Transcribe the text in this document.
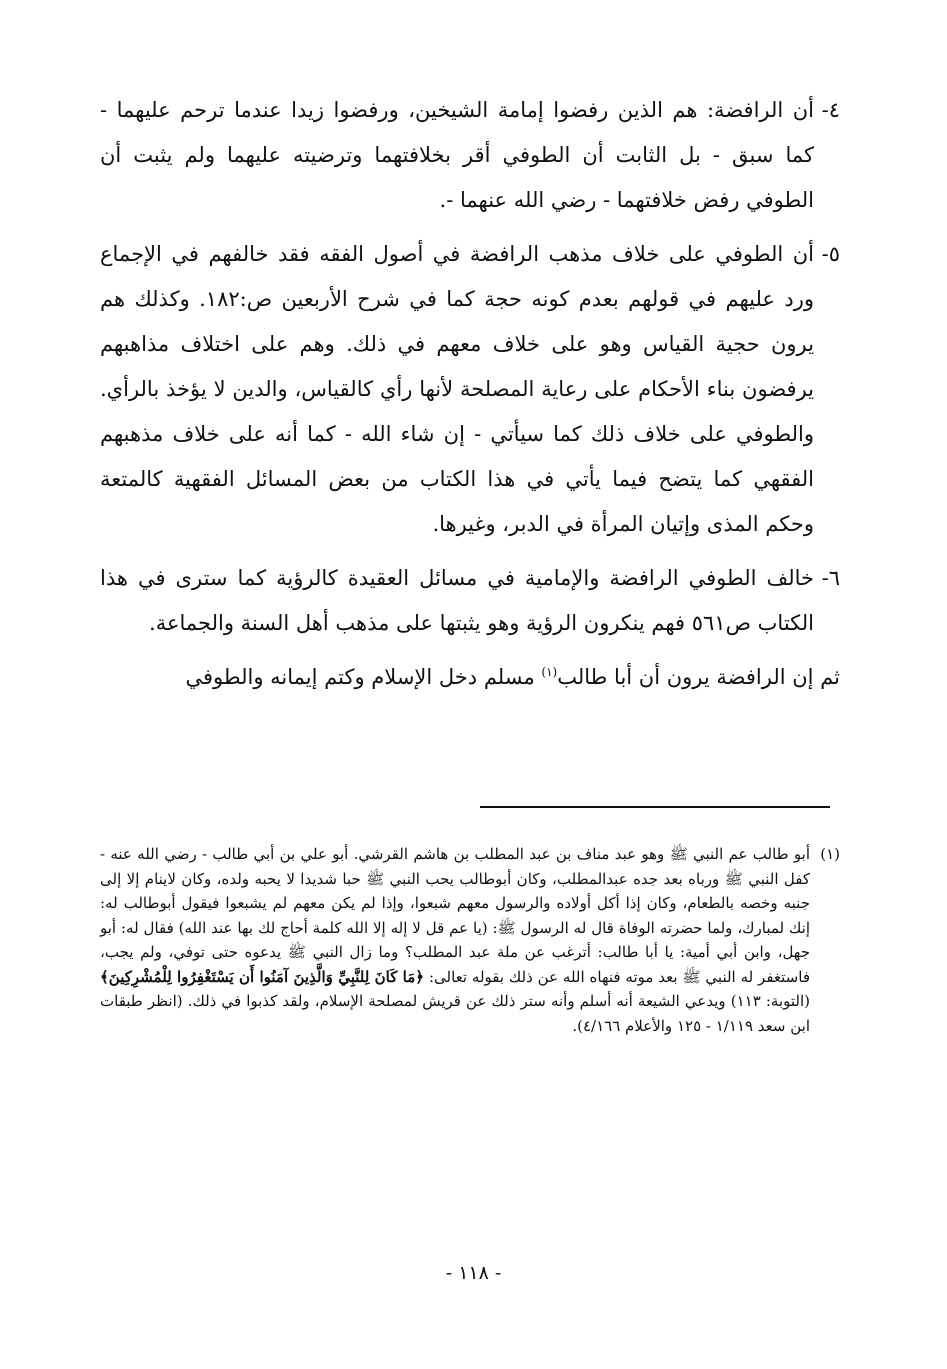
٤-أن الرافضة: هم الذين رفضوا إمامة الشيخين، ورفضوا زيدا عندما ترحم عليهما - كما سبق - بل الثابت أن الطوفي أقر بخلافتهما وترضيته عليهما ولم يثبت أن الطوفي رفض خلافتهما - رضي الله عنهما -.

٥-أن الطوفي على خلاف مذهب الرافضة في أصول الفقه فقد خالفهم في الإجماع ورد عليهم في قولهم بعدم كونه حجة كما في شرح الأربعين ص:١٨٢. وكذلك هم يرون حجية القياس وهو على خلاف معهم في ذلك. وهم على اختلاف مذاهبهم يرفضون بناء الأحكام على رعاية المصلحة لأنها رأي كالقياس، والدين لا يؤخذ بالرأي. والطوفي على خلاف ذلك كما سيأتي - إن شاء الله - كما أنه على خلاف مذهبهم الفقهي كما يتضح فيما يأتي في هذا الكتاب من بعض المسائل الفقهية كالمتعة وحكم المذى وإتيان المرأة في الدبر، وغيرها.

٦-خالف الطوفي الرافضة والإمامية في مسائل العقيدة كالرؤية كما سترى في هذا الكتاب ص٥٦١ فهم ينكرون الرؤية وهو يثبتها على مذهب أهل السنة والجماعة.

ثم إن الرافضة يرون أن أبا طالب$^{(١)}$ مسلم دخل الإسلام وكتم إيمانه والطوفي

(١)أبو طالب عم النبي ﷺ وهو عبد مناف بن عبد المطلب بن هاشم القرشي. أبو علي بن أبي طالب - رضي الله عنه - كفل النبي ﷺ ورباه بعد جده عبدالمطلب، وكان أبوطالب يحب النبي ﷺ حبا شديدا لا يحبه ولده، وكان لاينام إلا إلى جنبه وخصه بالطعام، وكان إذا أكل أولاده والرسول معهم شبعوا، وإذا لم يكن معهم لم يشبعوا فيقول أبوطالب له: إنك لمبارك، ولما حضرته الوفاة قال له الرسول ﷺ: (يا عم قل لا إله إلا الله كلمة أحاج لك بها عند الله) فقال له: أبو جهل، وابن أبي أمية: يا أبا طالب: أترغب عن ملة عبد المطلب؟ وما زال النبي ﷺ يدعوه حتى توفي، ولم يجب، فاستغفر له النبي ﷺ بعد موته فنهاه الله عن ذلك بقوله تعالى: ﴿مَا كَانَ لِلنَّبِيِّ وَالَّذِينَ آمَنُوا أَن يَسْتَغْفِرُوا لِلْمُشْرِكِينَ﴾(التوبة: ١١٣) ويدعي الشيعة أنه أسلم وأنه ستر ذلك عن قريش لمصلحة الإسلام، ولقد كذبوا في ذلك. (انظر طبقات ابن سعد ١/١١٩ - ١٢٥ والأعلام ٤/١٦٦).

- ١١٨ -
